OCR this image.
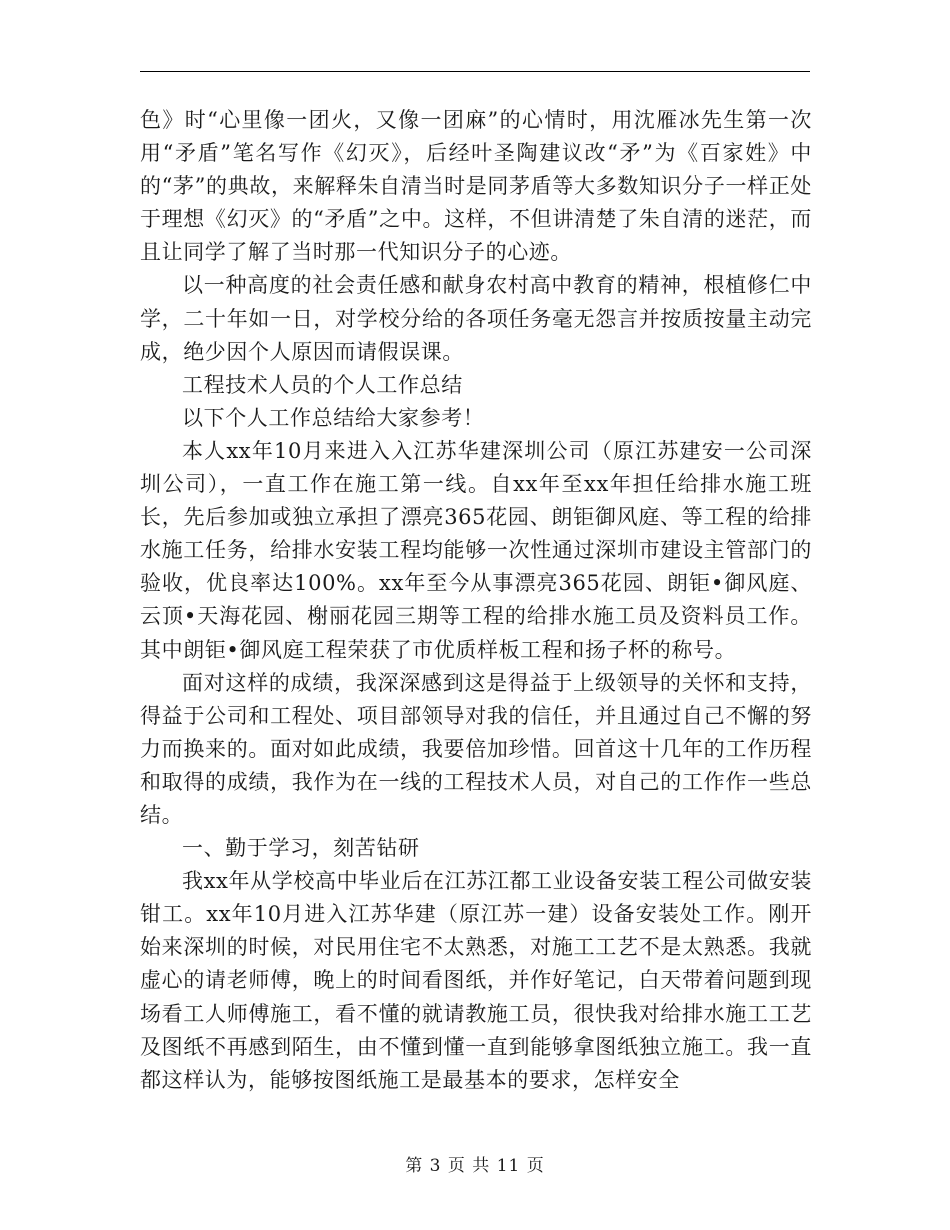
色》时“心里像一团火，又像一团麻”的心情时，用沈雁冰先生第一次用“矛盾”笔名写作《幻灭》，后经叶圣陶建议改“矛”为《百家姓》中的“茅”的典故，来解释朱自清当时是同茅盾等大多数知识分子一样正处于理想《幻灭》的“矛盾”之中。这样，不但讲清楚了朱自清的迷茫，而且让同学了解了当时那一代知识分子的心迹。

以一种高度的社会责任感和献身农村高中教育的精神，根植修仁中学，二十年如一日，对学校分给的各项任务毫无怨言并按质按量主动完成，绝少因个人原因而请假误课。

工程技术人员的个人工作总结

以下个人工作总结给大家参考！

本人xx年10月来进入入江苏华建深圳公司（原江苏建安一公司深圳公司），一直工作在施工第一线。自xx年至xx年担任给排水施工班长，先后参加或独立承担了漂亮365花园、朗钜御风庭、等工程的给排水施工任务，给排水安装工程均能够一次性通过深圳市建设主管部门的验收，优良率达100%。xx年至今从事漂亮365花园、朗钜•御风庭、云顶•天海花园、榭丽花园三期等工程的给排水施工员及资料员工作。其中朗钜•御风庭工程荣获了市优质样板工程和扬子杯的称号。

面对这样的成绩，我深深感到这是得益于上级领导的关怀和支持，得益于公司和工程处、项目部领导对我的信任，并且通过自己不懈的努力而换来的。面对如此成绩，我要倍加珍惜。回首这十几年的工作历程和取得的成绩，我作为在一线的工程技术人员，对自己的工作作一些总结。

一、勤于学习，刻苦钻研

我xx年从学校高中毕业后在江苏江都工业设备安装工程公司做安装钳工。xx年10月进入江苏华建（原江苏一建）设备安装处工作。刚开始来深圳的时候，对民用住宅不太熟悉，对施工工艺不是太熟悉。我就虚心的请老师傅，晚上的时间看图纸，并作好笔记，白天带着问题到现场看工人师傅施工，看不懂的就请教施工员，很快我对给排水施工工艺及图纸不再感到陌生，由不懂到懂一直到能够拿图纸独立施工。我一直都这样认为，能够按图纸施工是最基本的要求，怎样安全

第 3 页 共 11 页
